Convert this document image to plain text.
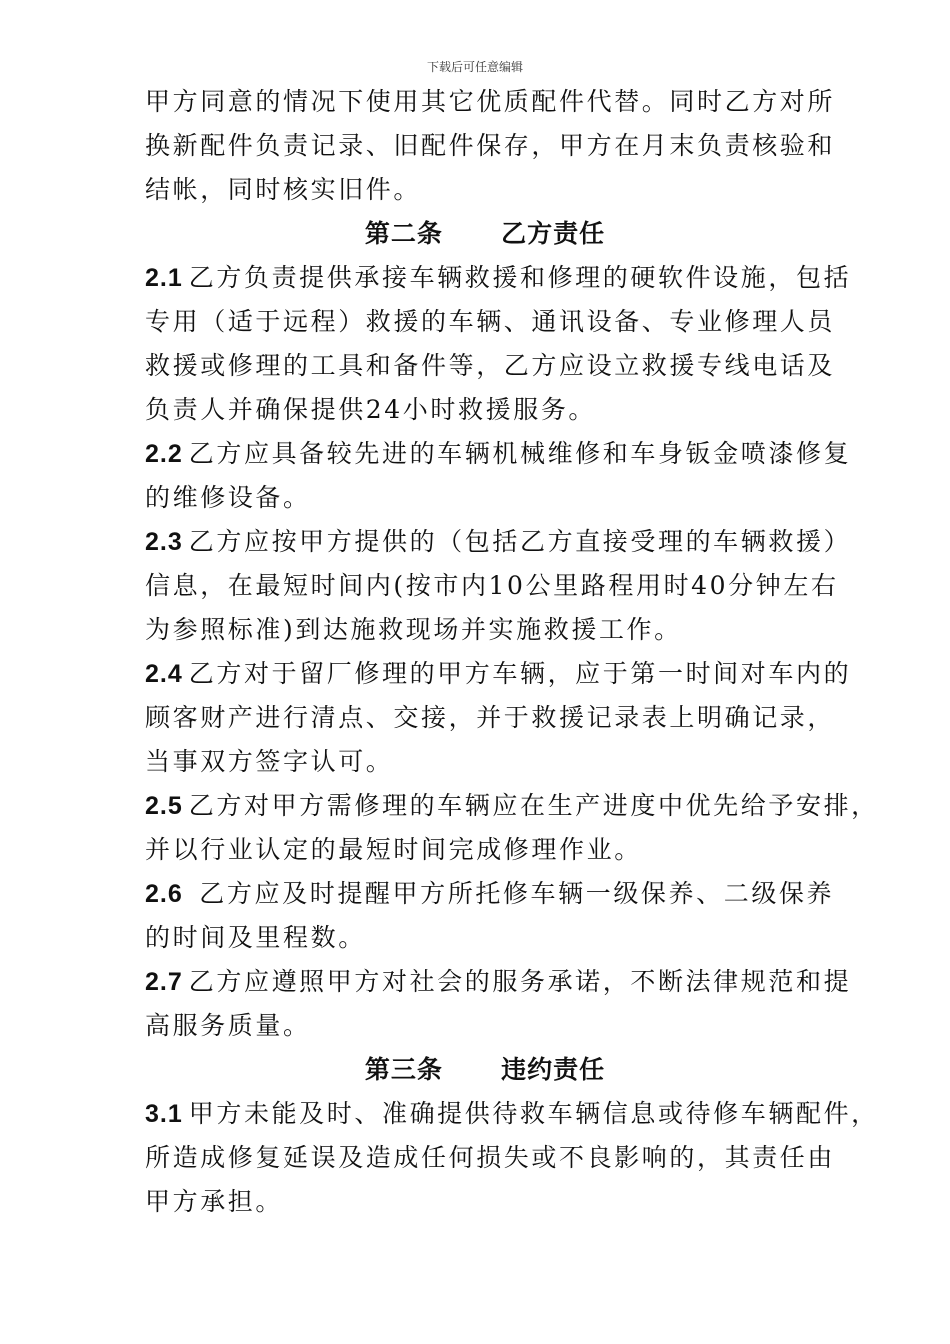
下载后可任意编辑
甲方同意的情况下使用其它优质配件代替。同时乙方对所
换新配件负责记录、旧配件保存，甲方在月末负责核验和
结帐，同时核实旧件。
第二条      乙方责任
2.1 乙方负责提供承接车辆救援和修理的硬软件设施，包括
专用（适于远程）救援的车辆、通讯设备、专业修理人员
救援或修理的工具和备件等，乙方应设立救援专线电话及
负责人并确保提供24小时救援服务。
2.2 乙方应具备较先进的车辆机械维修和车身钣金喷漆修复
的维修设备。
2.3 乙方应按甲方提供的（包括乙方直接受理的车辆救援）
信息，在最短时间内(按市内10公里路程用时40分钟左右
为参照标准)到达施救现场并实施救援工作。
2.4 乙方对于留厂修理的甲方车辆，应于第一时间对车内的
顾客财产进行清点、交接，并于救援记录表上明确记录，
当事双方签字认可。
2.5 乙方对甲方需修理的车辆应在生产进度中优先给予安排，
并以行业认定的最短时间完成修理作业。
2.6 乙方应及时提醒甲方所托修车辆一级保养、二级保养
的时间及里程数。
2.7 乙方应遵照甲方对社会的服务承诺，不断法律规范和提
高服务质量。
第三条      违约责任
3.1 甲方未能及时、准确提供待救车辆信息或待修车辆配件，
所造成修复延误及造成任何损失或不良影响的，其责任由
甲方承担。
